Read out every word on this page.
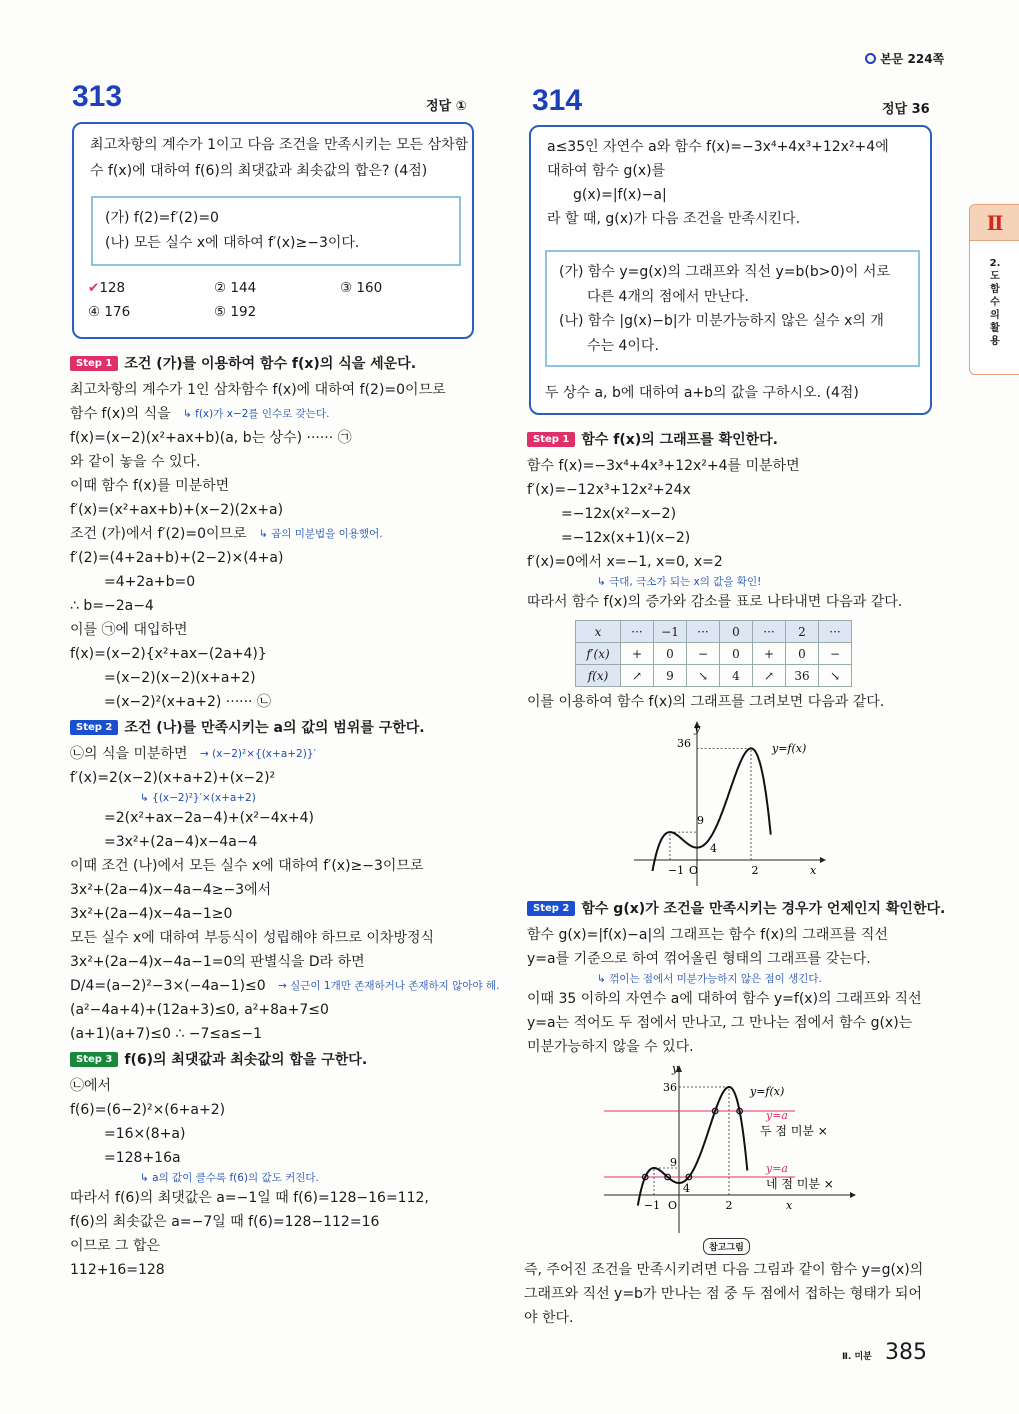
본문 224쪽
313	정답 ①
최고차항의 계수가 1이고 다음 조건을 만족시키는 모든 삼차함
수 f(x)에 대하여 f(6)의 최댓값과 최솟값의 합은? (4점)
(가) f(2)=f′(2)=0
(나) 모든 실수 x에 대하여 f′(x)≥−3이다.
✔128	② 144	③ 160
④ 176	⑤ 192
Step 1 조건 (가)를 이용하여 함수 f(x)의 식을 세운다.
최고차항의 계수가 1인 삼차함수 f(x)에 대하여 f(2)=0이므로
함수 f(x)의 식을 ↳ f(x)가 x−2를 인수로 갖는다.
f(x)=(x−2)(x²+ax+b)(a, b는 상수) ······ ㉠
와 같이 놓을 수 있다.
이때 함수 f(x)를 미분하면
f′(x)=(x²+ax+b)+(x−2)(2x+a)
조건 (가)에서 f′(2)=0이므로 ↳ 곱의 미분법을 이용했어.
f′(2)=(4+2a+b)+(2−2)×(4+a)
=4+2a+b=0
∴ b=−2a−4
이를 ㉠에 대입하면
f(x)=(x−2){x²+ax−(2a+4)}
=(x−2)(x−2)(x+a+2)
=(x−2)²(x+a+2) ······ ㉡
Step 2 조건 (나)를 만족시키는 a의 값의 범위를 구한다.
㉡의 식을 미분하면 → (x−2)²×{(x+a+2)}′
f′(x)=2(x−2)(x+a+2)+(x−2)²
↳ {(x−2)²}′×(x+a+2)
=2(x²+ax−2a−4)+(x²−4x+4)
=3x²+(2a−4)x−4a−4
이때 조건 (나)에서 모든 실수 x에 대하여 f′(x)≥−3이므로
3x²+(2a−4)x−4a−4≥−3에서
3x²+(2a−4)x−4a−1≥0
모든 실수 x에 대하여 부등식이 성립해야 하므로 이차방정식
3x²+(2a−4)x−4a−1=0의 판별식을 D라 하면
D/4=(a−2)²−3×(−4a−1)≤0 → 실근이 1개만 존재하거나 존재하지 않아야 해.
(a²−4a+4)+(12a+3)≤0, a²+8a+7≤0
(a+1)(a+7)≤0 ∴ −7≤a≤−1
Step 3 f(6)의 최댓값과 최솟값의 합을 구한다.
㉡에서
f(6)=(6−2)²×(6+a+2)
=16×(8+a)
=128+16a
↳ a의 값이 클수록 f(6)의 값도 커진다.
따라서 f(6)의 최댓값은 a=−1일 때 f(6)=128−16=112,
f(6)의 최솟값은 a=−7일 때 f(6)=128−112=16
이므로 그 합은
112+16=128
314	정답 36
a≤35인 자연수 a와 함수 f(x)=−3x⁴+4x³+12x²+4에
대하여 함수 g(x)를
g(x)=|f(x)−a|
라 할 때, g(x)가 다음 조건을 만족시킨다.
(가) 함수 y=g(x)의 그래프와 직선 y=b(b>0)이 서로
다른 4개의 점에서 만난다.
(나) 함수 |g(x)−b|가 미분가능하지 않은 실수 x의 개
수는 4이다.
두 상수 a, b에 대하여 a+b의 값을 구하시오. (4점)
Step 1 함수 f(x)의 그래프를 확인한다.
함수 f(x)=−3x⁴+4x³+12x²+4를 미분하면
f′(x)=−12x³+12x²+24x
=−12x(x²−x−2)
=−12x(x+1)(x−2)
f′(x)=0에서 x=−1, x=0, x=2
↳ 극대, 극소가 되는 x의 값을 확인!
따라서 함수 f(x)의 증가와 감소를 표로 나타내면 다음과 같다.
x	···	−1	···	0	···	2	···
f′(x)	+	0	−	0	+	0	−
f(x)	↗	9	↘	4	↗	36	↘
이를 이용하여 함수 f(x)의 그래프를 그려보면 다음과 같다.
y
36
9
4
−1 O	2	x
y=f(x)
Step 2 함수 g(x)가 조건을 만족시키는 경우가 언제인지 확인한다.
함수 g(x)=|f(x)−a|의 그래프는 함수 f(x)의 그래프를 직선
y=a를 기준으로 하여 꺾어올린 형태의 그래프를 갖는다.
↳ 꺾이는 점에서 미분가능하지 않은 점이 생긴다.
이때 35 이하의 자연수 a에 대하여 함수 y=f(x)의 그래프와 직선
y=a는 적어도 두 점에서 만나고, 그 만나는 점에서 함수 g(x)는
미분가능하지 않을 수 있다.
y
36
9
4
−1 O	2	x
y=f(x)
y=a
두 점 미분 ×
y=a
네 점 미분 ×
참고그림
즉, 주어진 조건을 만족시키려면 다음 그림과 같이 함수 y=g(x)의
그래프와 직선 y=b가 만나는 점 중 두 점에서 접하는 형태가 되어
야 한다.
Ⅱ
2. 도함수의 활용
Ⅱ. 미분 385
